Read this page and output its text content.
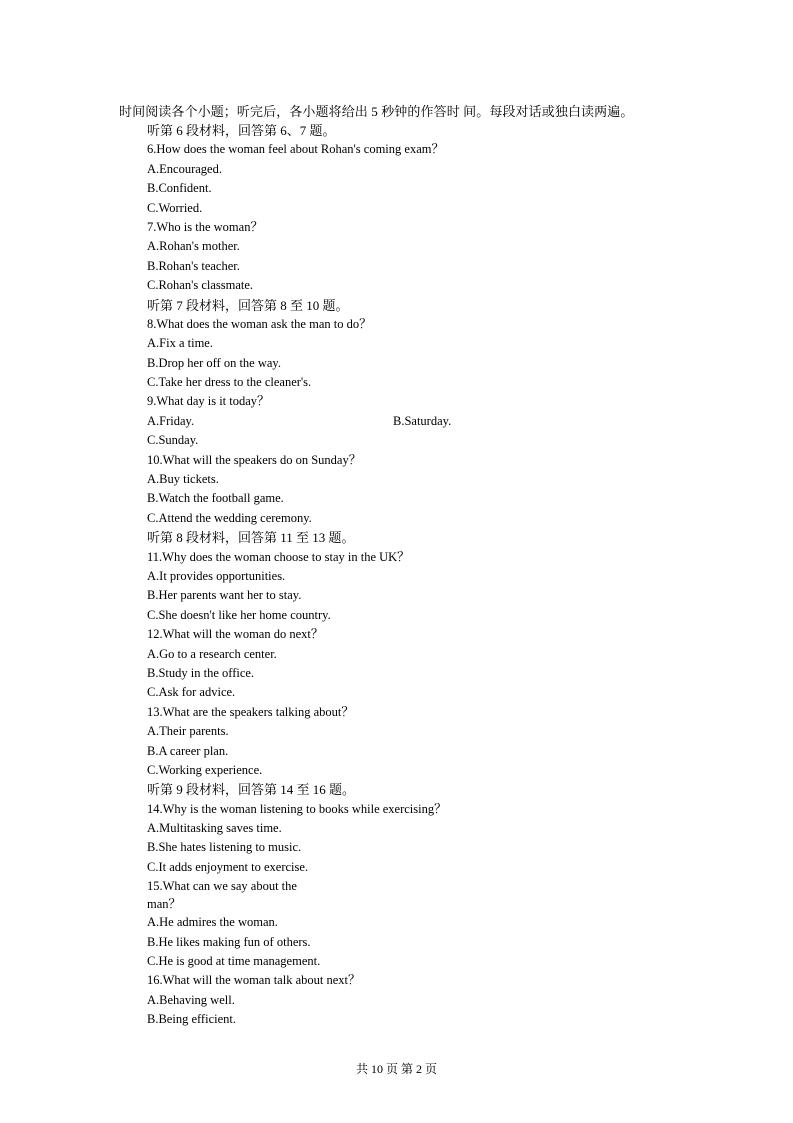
时间阅读各个小题；听完后，各小题将给出 5 秒钟的作答时 间。每段对话或独白读两遍。
听第 6 段材料，回答第 6、7 题。
6.How does the woman feel about Rohan's coming exam？
A.Encouraged.
B.Confident.
C.Worried.
7.Who is the woman？
A.Rohan's mother.
B.Rohan's teacher.
C.Rohan's classmate.
听第 7 段材料，回答第 8 至 10 题。
8.What does the woman ask the man to do？
A.Fix a time.
B.Drop her off on the way.
C.Take her dress to the cleaner's.
9.What day is it today？
A.Friday.	B.Saturday.
C.Sunday.
10.What will the speakers do on Sunday？
A.Buy tickets.
B.Watch the football game.
C.Attend the wedding ceremony.
听第 8 段材料，回答第 11 至 13 题。
11.Why does the woman choose to stay in the UK？
A.It provides opportunities.
B.Her parents want her to stay.
C.She doesn't like her home country.
12.What will the woman do next？
A.Go to a research center.
B.Study in the office.
C.Ask for advice.
13.What are the speakers talking about？
A.Their parents.
B.A career plan.
C.Working experience.
听第 9 段材料，回答第 14 至 16 题。
14.Why is the woman listening to books while exercising？
A.Multitasking saves time.
B.She hates listening to music.
C.It adds enjoyment to exercise.
15.What can we say about the
man？
A.He admires the woman.
B.He likes making fun of others.
C.He is good at time management.
16.What will the woman talk about next？
A.Behaving well.
B.Being efficient.
共 10 页 第 2 页
